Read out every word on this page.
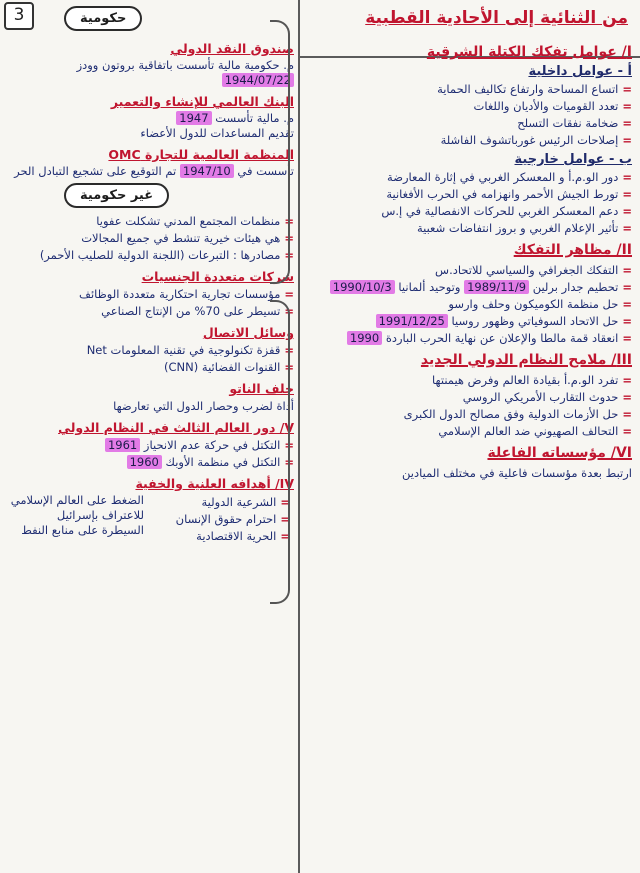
3	من الثنائية إلى الأحادية القطبية
I/ عوامل تفكك الكتلة الشرقية
أ - عوامل داخلية
= اتساع المساحة وارتفاع تكاليف الحماية
= تعدد القوميات والأديان واللغات
= ضخامة نفقات التسلح
= إصلاحات الرئيس غورباتشوف الفاشلة
ب - عوامل خارجية
= دور الو.م.أ و المعسكر الغربي في إثارة المعارضة
= تورط الجيش الأحمر وانهزامه في الحرب الأفغانية
= دعم المعسكر الغربي للحركات الانفصالية في إ.س
= تأثير الإعلام الغربي و بروز انتفاضات شعبية
II/ مظاهر التفكك
= التفكك الجغرافي والسياسي للاتحاد.س
= تحطيم جدار برلين 1989/11/9 وتوحيد ألمانيا 1990/10/3
= حل منظمة الكوميكون وحلف وارسو
= حل الاتحاد السوفياتي وظهور روسيا 1991/12/25
= انعقاد قمة مالطا والإعلان عن نهاية الحرب الباردة 1990
III/ ملامح النظام الدولي الجديد
= تفرد الو.م.أ بقيادة العالم وفرض هيمنتها
= حدوث التقارب الأمريكي الروسي
= حل الأزمات الدولية وفق مصالح الدول الكبرى
= التحالف الصهيوني ضد العالم الإسلامي
VI/ مؤسساته الفاعلة
ارتبط بعدة مؤسسات فاعلية في مختلف الميادين
حكومية
صندوق النقد الدولي
م. حكومية مالية تأسست باتفاقية بروتون وودز
1944/07/22
البنك العالمي للإنشاء والتعمير
م. مالية تأسست 1947
تقديم المساعدات للدول الأعضاء
المنظمة العالمية للتجارة OMC
تأسست في 1947/10 تم التوقيع على تشجيع التبادل الحر
غير حكومية
= منظمات المجتمع المدني تشكلت عفويا
= هي هيئات خيرية تنشط في جميع المجالات
= مصادرها : التبرعات (اللجنة الدولية للصليب الأحمر)
شركات متعددة الجنسيات
= مؤسسات تجارية احتكارية متعددة الوظائف
= تسيطر على 70% من الإنتاج الصناعي
وسائل الاتصال
= قفزة تكنولوجية في تقنية المعلومات Net
= القنوات الفضائية (CNN)
حلف الناتو
أداة لضرب وحصار الدول التي تعارضها
V/ دور العالم الثالث في النظام الدولي
= التكتل في حركة عدم الانحياز 1961
= التكتل في منظمة الأوبك 1960
IV/ أهدافه العلنية والخفية
الضغط على العالم الإسلامي للاعتراف بإسرائيل
السيطرة على منابع النفط
= الشرعية الدولية
= احترام حقوق الإنسان
= الحرية الاقتصادية
